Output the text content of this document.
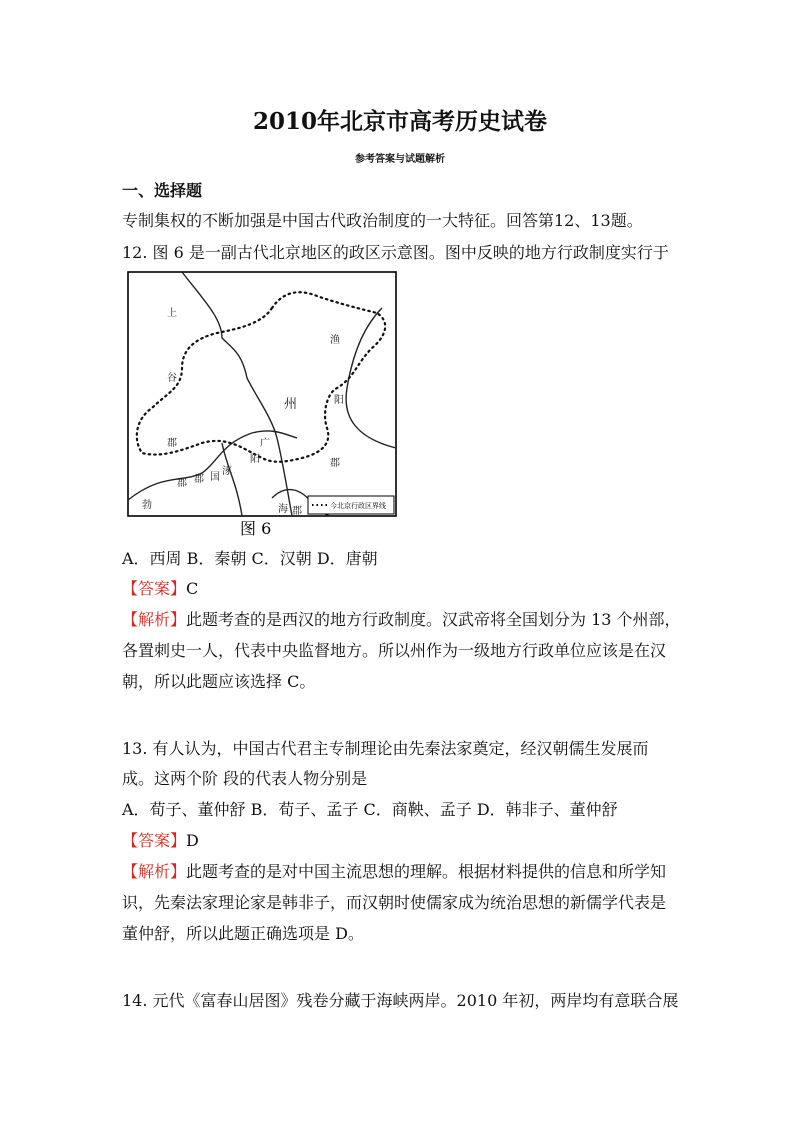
2010年北京市高考历史试卷
参考答案与试题解析
一、选择题
专制集权的不断加强是中国古代政治制度的一大特征。回答第12、13题。
12. 图 6 是一副古代北京地区的政区示意图。图中反映的地方行政制度实行于
上
谷
郡
渔
阳
州
郡
广
阳
涿
郡 国
郡
勃	海 郡	今北京行政区界线
图 6
A．西周 B．秦朝 C．汉朝 D．唐朝
【答案】C
【解析】此题考查的是西汉的地方行政制度。汉武帝将全国划分为 13 个州部，
各置刺史一人，代表中央监督地方。所以州作为一级地方行政单位应该是在汉
朝，所以此题应该选择 C。
13. 有人认为，中国古代君主专制理论由先秦法家奠定，经汉朝儒生发展而
成。这两个阶 段的代表人物分别是
A．荀子、董仲舒 B．荀子、孟子 C．商鞅、孟子 D．韩非子、董仲舒
【答案】D
【解析】此题考查的是对中国主流思想的理解。根据材料提供的信息和所学知
识，先秦法家理论家是韩非子，而汉朝时使儒家成为统治思想的新儒学代表是
董仲舒，所以此题正确选项是 D。
14. 元代《富春山居图》残卷分藏于海峡两岸。2010 年初，两岸均有意联合展
